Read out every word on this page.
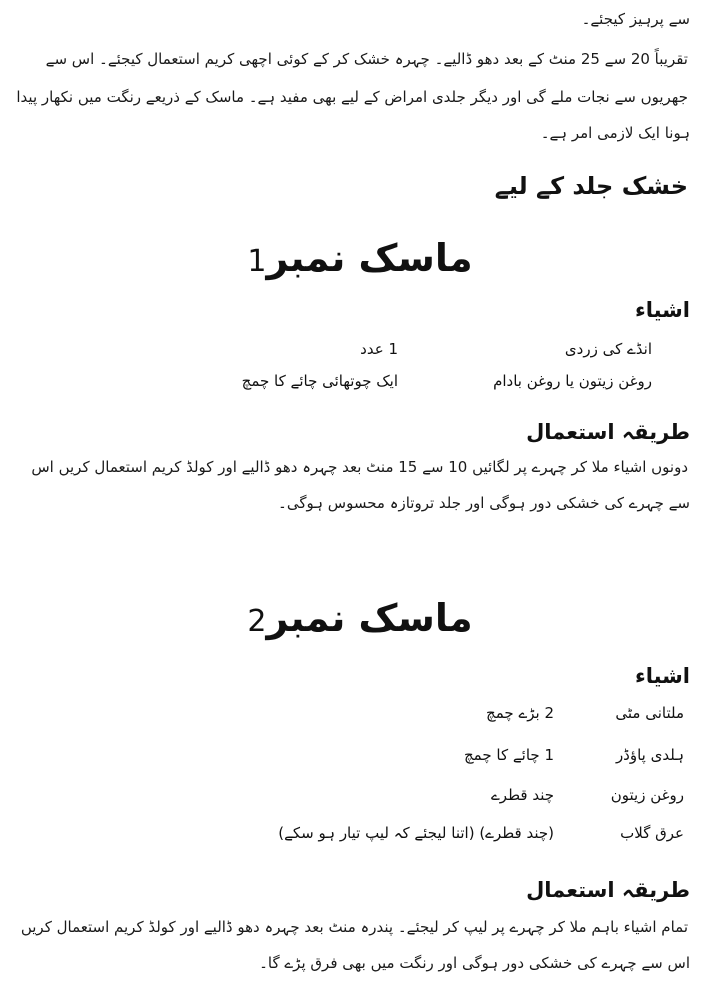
سے پرہیز کیجئے۔
تقریباً 20 سے 25 منٹ کے بعد دھو ڈالیے۔ چہرہ خشک کر کے کوئی اچھی کریم استعمال کیجئے۔ اس سے
جھریوں سے نجات ملے گی اور دیگر جلدی امراض کے لیے بھی مفید ہے۔ ماسک کے ذریعے رنگت میں نکھار پیدا
ہونا ایک لازمی امر ہے۔
خشک جلد کے لیے
ماسک نمبر1
اشیاء
انڈے کی زردی
1 عدد
روغن زیتون یا روغن بادام
ایک چوتھائی چائے کا چمچ
طریقہ استعمال
دونوں اشیاء ملا کر چہرے پر لگائیں 10 سے 15 منٹ بعد چہرہ دھو ڈالیے اور کولڈ کریم استعمال کریں اس
سے چہرے کی خشکی دور ہوگی اور جلد تروتازہ محسوس ہوگی۔
ماسک نمبر2
اشیاء
ملتانی مٹی
2 بڑے چمچ
ہلدی پاؤڈر
1 چائے کا چمچ
روغن زیتون
چند قطرے
عرق گلاب
(چند قطرے) (اتنا لیجئے کہ لیپ تیار ہو سکے)
طریقہ استعمال
تمام اشیاء باہم ملا کر چہرے پر لیپ کر لیجئے۔ پندرہ منٹ بعد چہرہ دھو ڈالیے اور کولڈ کریم استعمال کریں
اس سے چہرے کی خشکی دور ہوگی اور رنگت میں بھی فرق پڑے گا۔
